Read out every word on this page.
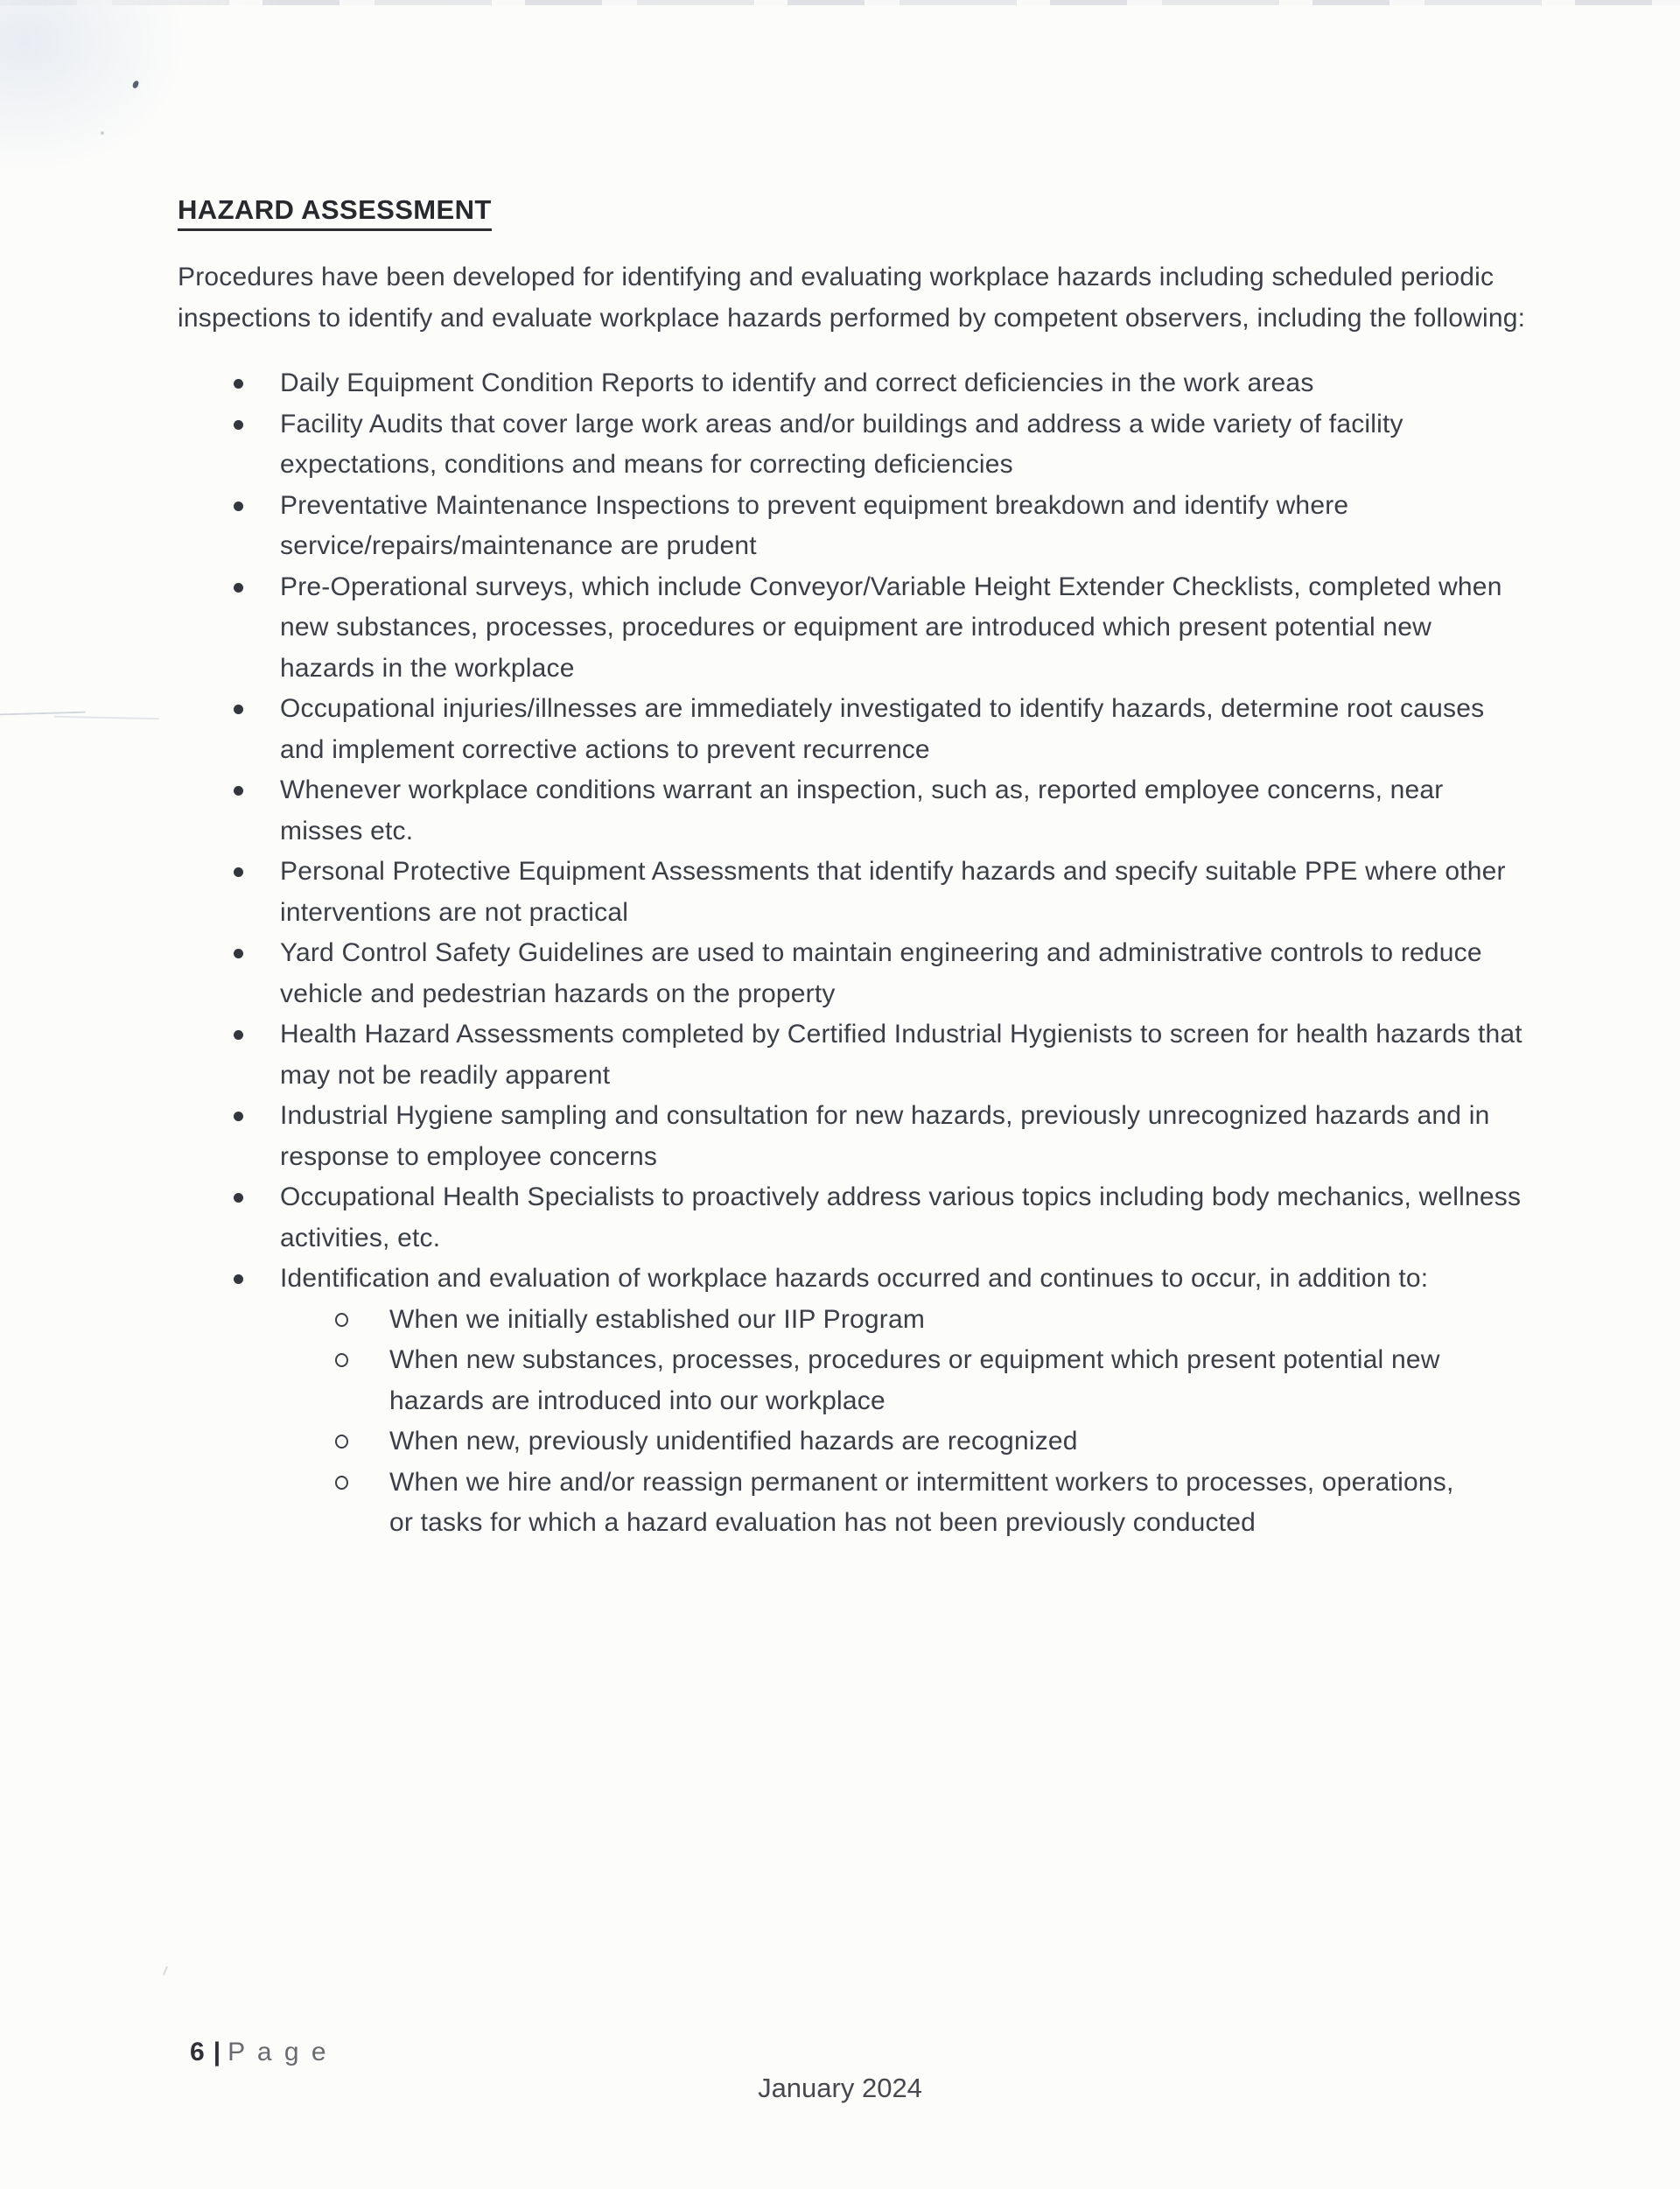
HAZARD ASSESSMENT

Procedures have been developed for identifying and evaluating workplace hazards including scheduled periodic inspections to identify and evaluate workplace hazards performed by competent observers, including the following:

Daily Equipment Condition Reports to identify and correct deficiencies in the work areas
Facility Audits that cover large work areas and/or buildings and address a wide variety of facility expectations, conditions and means for correcting deficiencies
Preventative Maintenance Inspections to prevent equipment breakdown and identify where service/repairs/maintenance are prudent
Pre-Operational surveys, which include Conveyor/Variable Height Extender Checklists, completed when new substances, processes, procedures or equipment are introduced which present potential new hazards in the workplace
Occupational injuries/illnesses are immediately investigated to identify hazards, determine root causes and implement corrective actions to prevent recurrence
Whenever workplace conditions warrant an inspection, such as, reported employee concerns, near misses etc.
Personal Protective Equipment Assessments that identify hazards and specify suitable PPE where other interventions are not practical
Yard Control Safety Guidelines are used to maintain engineering and administrative controls to reduce vehicle and pedestrian hazards on the property
Health Hazard Assessments completed by Certified Industrial Hygienists to screen for health hazards that may not be readily apparent
Industrial Hygiene sampling and consultation for new hazards, previously unrecognized hazards and in response to employee concerns
Occupational Health Specialists to proactively address various topics including body mechanics, wellness activities, etc.
Identification and evaluation of workplace hazards occurred and continues to occur, in addition to:
When we initially established our IIP Program
When new substances, processes, procedures or equipment which present potential new hazards are introduced into our workplace
When new, previously unidentified hazards are recognized
When we hire and/or reassign permanent or intermittent workers to processes, operations, or tasks for which a hazard evaluation has not been previously conducted
6 | P a g e
January 2024
